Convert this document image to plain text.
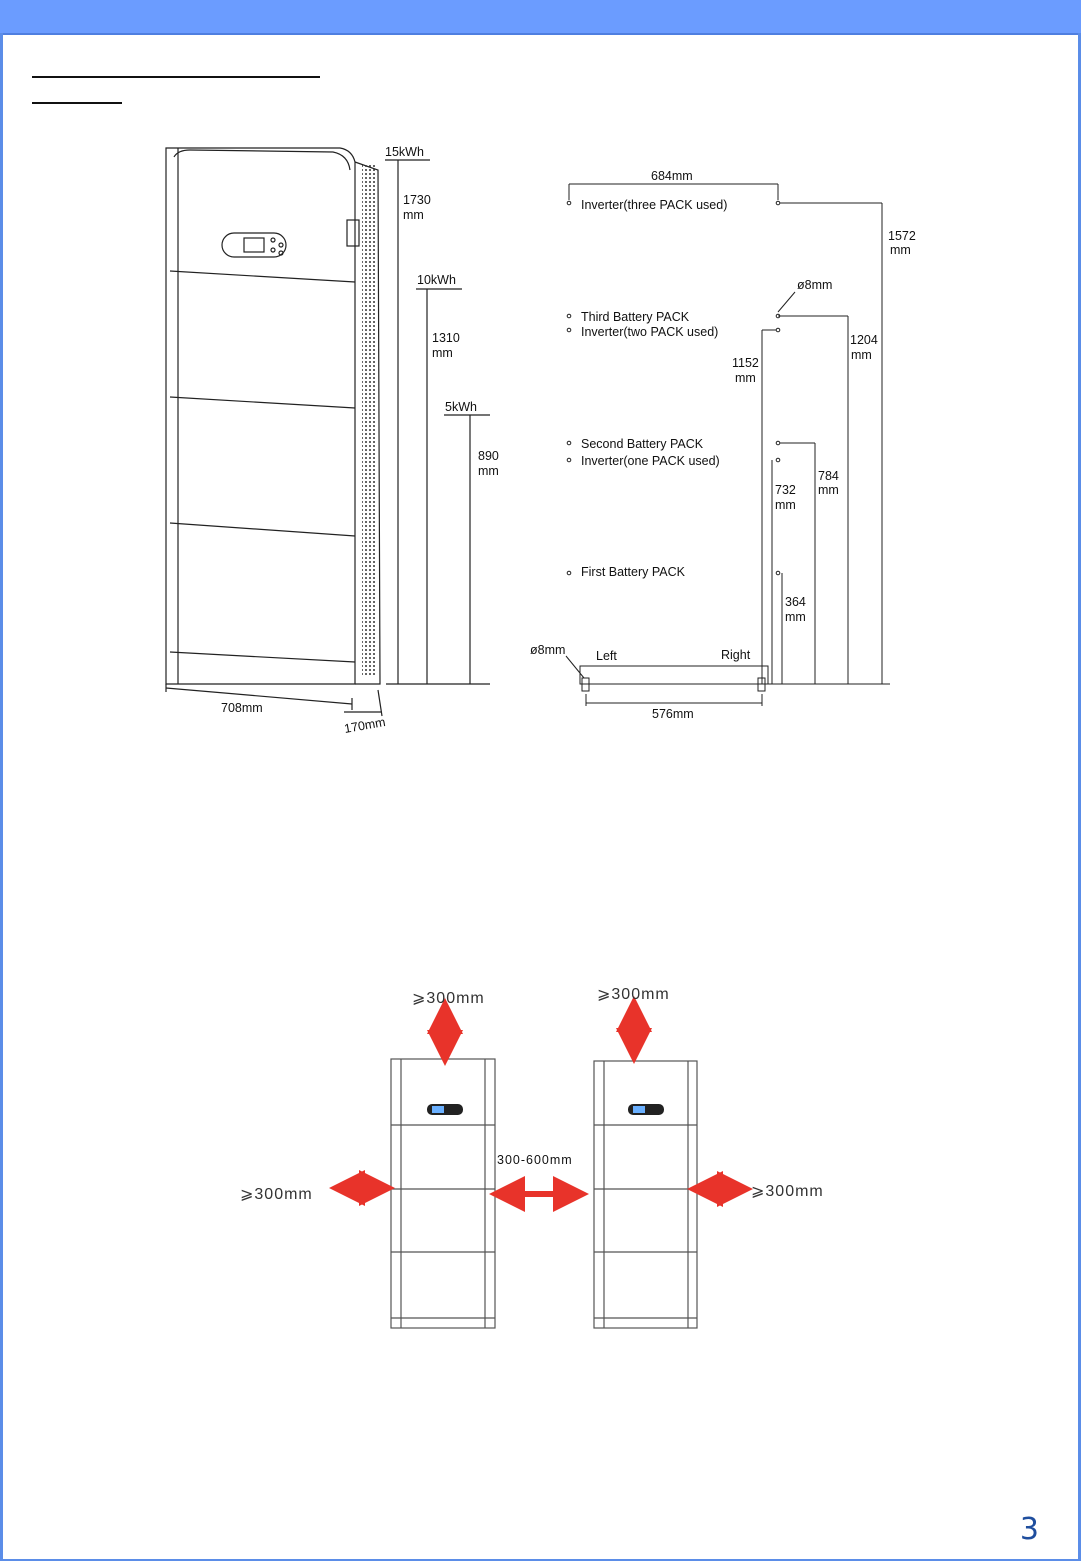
15kWh
1730
mm
10kWh
1310
mm
5kWh
890
mm
708mm
170mm
684mm
Inverter(three PACK used)
1572
mm
ø8mm
Third Battery PACK
Inverter(two PACK used)
1204
mm
1152
mm
Second Battery PACK
Inverter(one PACK used)
784
mm
732
mm
First Battery PACK
364
mm
ø8mm Left	Right
576mm
⩾300mm	⩾300mm
⩾300mm	⩾300mm
300-600mm
3
